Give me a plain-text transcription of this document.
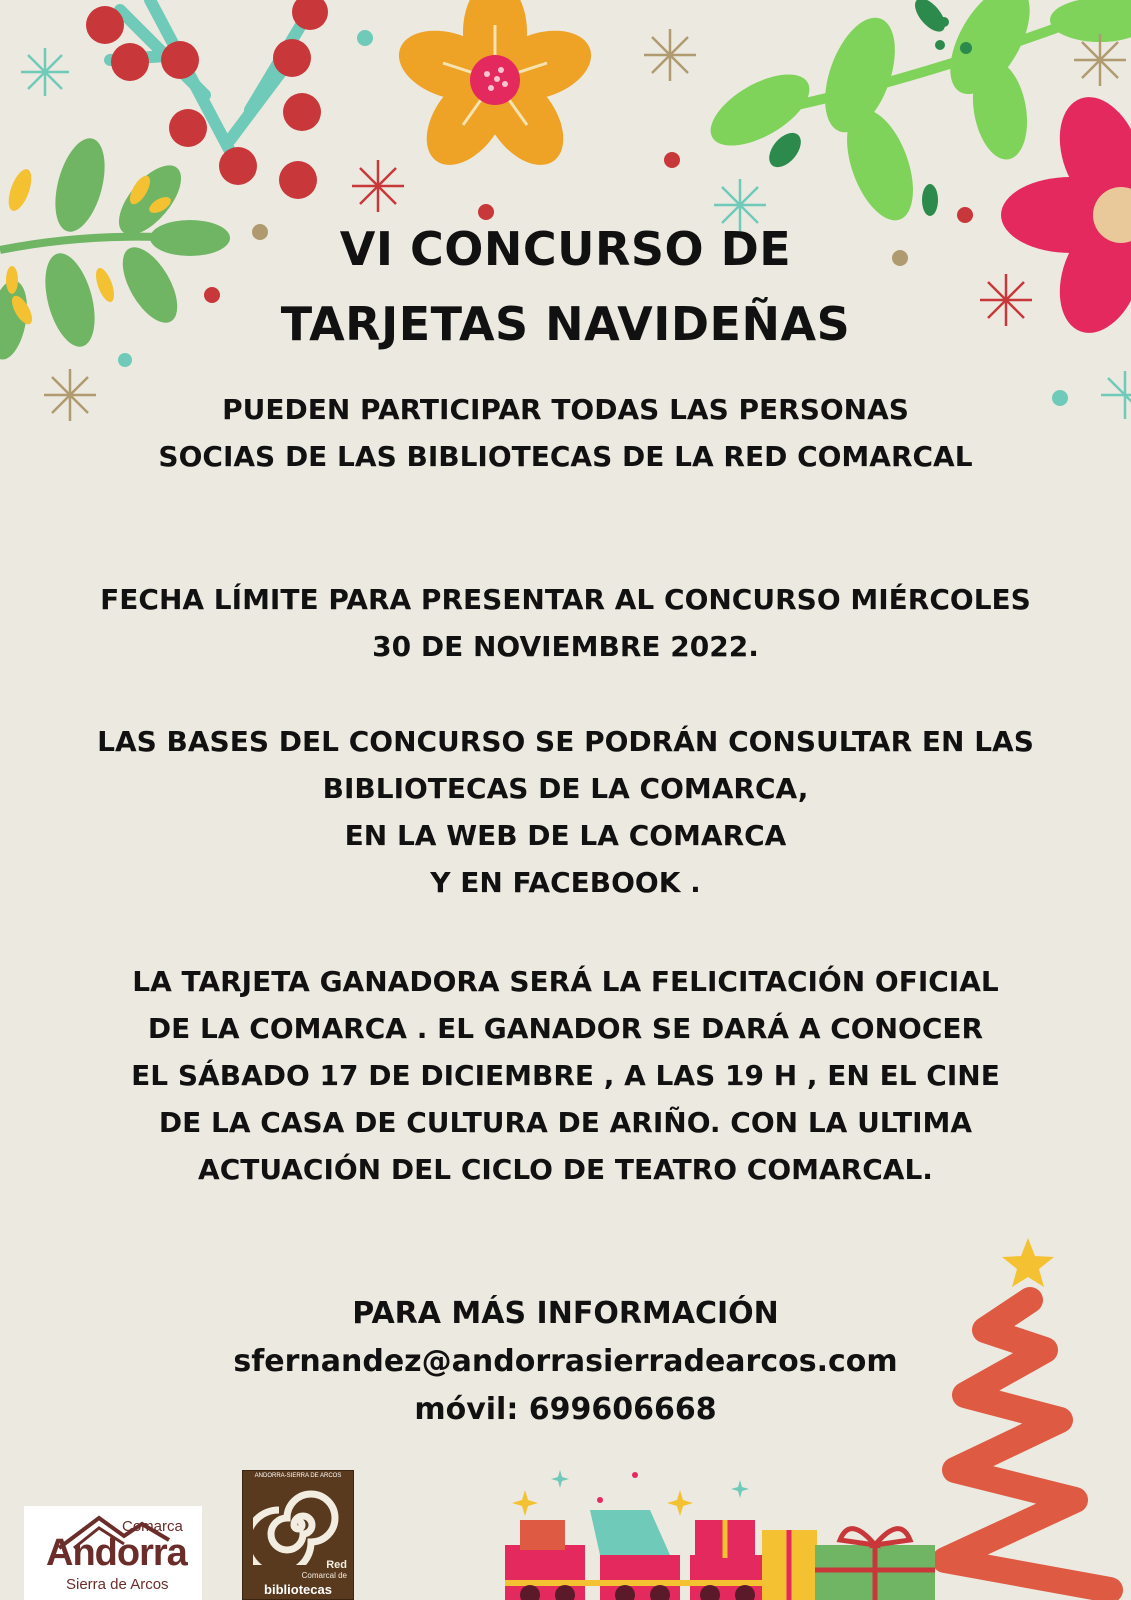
VI CONCURSO DE
TARJETAS NAVIDEÑAS

PUEDEN PARTICIPAR TODAS LAS PERSONAS
SOCIAS DE LAS BIBLIOTECAS DE LA RED COMARCAL

FECHA LÍMITE PARA PRESENTAR AL CONCURSO MIÉRCOLES
30 DE NOVIEMBRE 2022.

LAS BASES DEL CONCURSO SE PODRÁN CONSULTAR EN LAS
BIBLIOTECAS DE LA COMARCA,
EN LA WEB DE LA COMARCA
Y EN FACEBOOK .

LA TARJETA GANADORA SERÁ LA FELICITACIÓN OFICIAL
DE LA COMARCA . EL GANADOR SE DARÁ A CONOCER
EL SÁBADO 17 DE DICIEMBRE , A LAS 19 H , EN EL CINE
DE LA CASA DE CULTURA DE ARIÑO. CON LA ULTIMA
ACTUACIÓN DEL CICLO DE TEATRO COMARCAL.

PARA MÁS INFORMACIÓN
sfernandez@andorrasierradearcos.com
móvil: 699606668

Comarca
Andorra
Sierra de Arcos
ANDORRA-SIERRA DE ARCOS
Red
Comarcal de
bibliotecas
